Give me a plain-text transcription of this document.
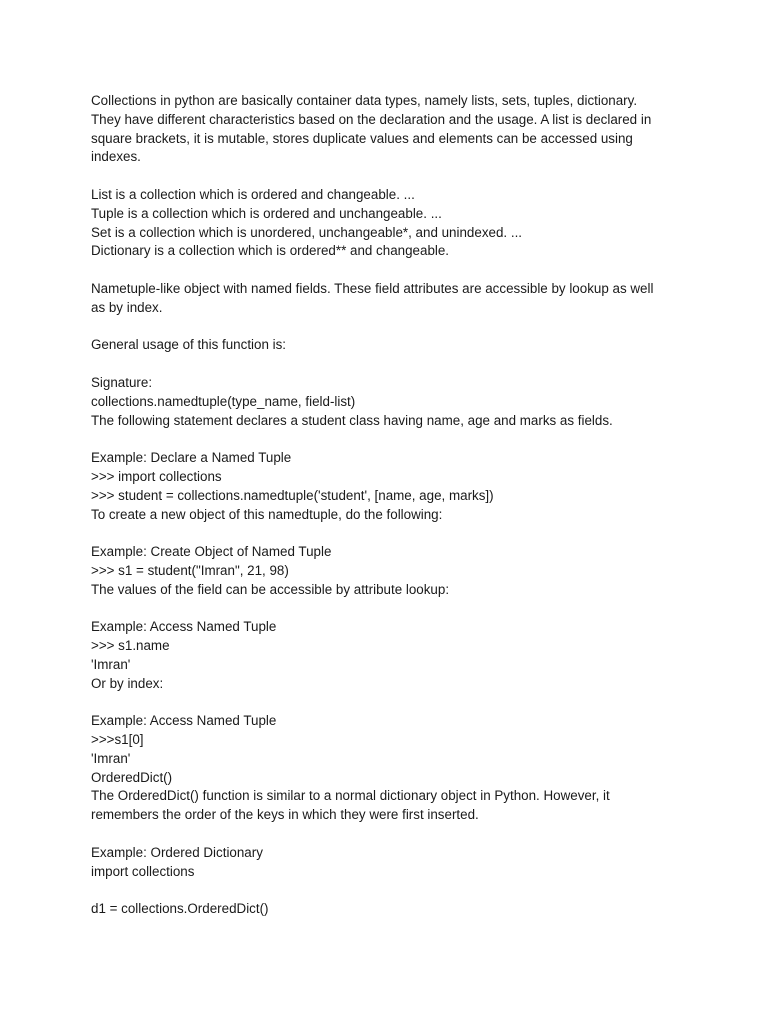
Collections in python are basically container data types, namely lists, sets, tuples, dictionary.
They have different characteristics based on the declaration and the usage. A list is declared in
square brackets, it is mutable, stores duplicate values and elements can be accessed using
indexes.

List is a collection which is ordered and changeable. ...
Tuple is a collection which is ordered and unchangeable. ...
Set is a collection which is unordered, unchangeable*, and unindexed. ...
Dictionary is a collection which is ordered** and changeable.

Nametuple-like object with named fields. These field attributes are accessible by lookup as well
as by index.

General usage of this function is:

Signature:
collections.namedtuple(type_name, field-list)
The following statement declares a student class having name, age and marks as fields.

Example: Declare a Named Tuple
>>> import collections
>>> student = collections.namedtuple('student', [name, age, marks])
To create a new object of this namedtuple, do the following:

Example: Create Object of Named Tuple
>>> s1 = student("Imran", 21, 98)
The values of the field can be accessible by attribute lookup:

Example: Access Named Tuple
>>> s1.name
'Imran'
Or by index:

Example: Access Named Tuple
>>>s1[0]
'Imran'
OrderedDict()
The OrderedDict() function is similar to a normal dictionary object in Python. However, it
remembers the order of the keys in which they were first inserted.

Example: Ordered Dictionary
import collections

d1 = collections.OrderedDict()
